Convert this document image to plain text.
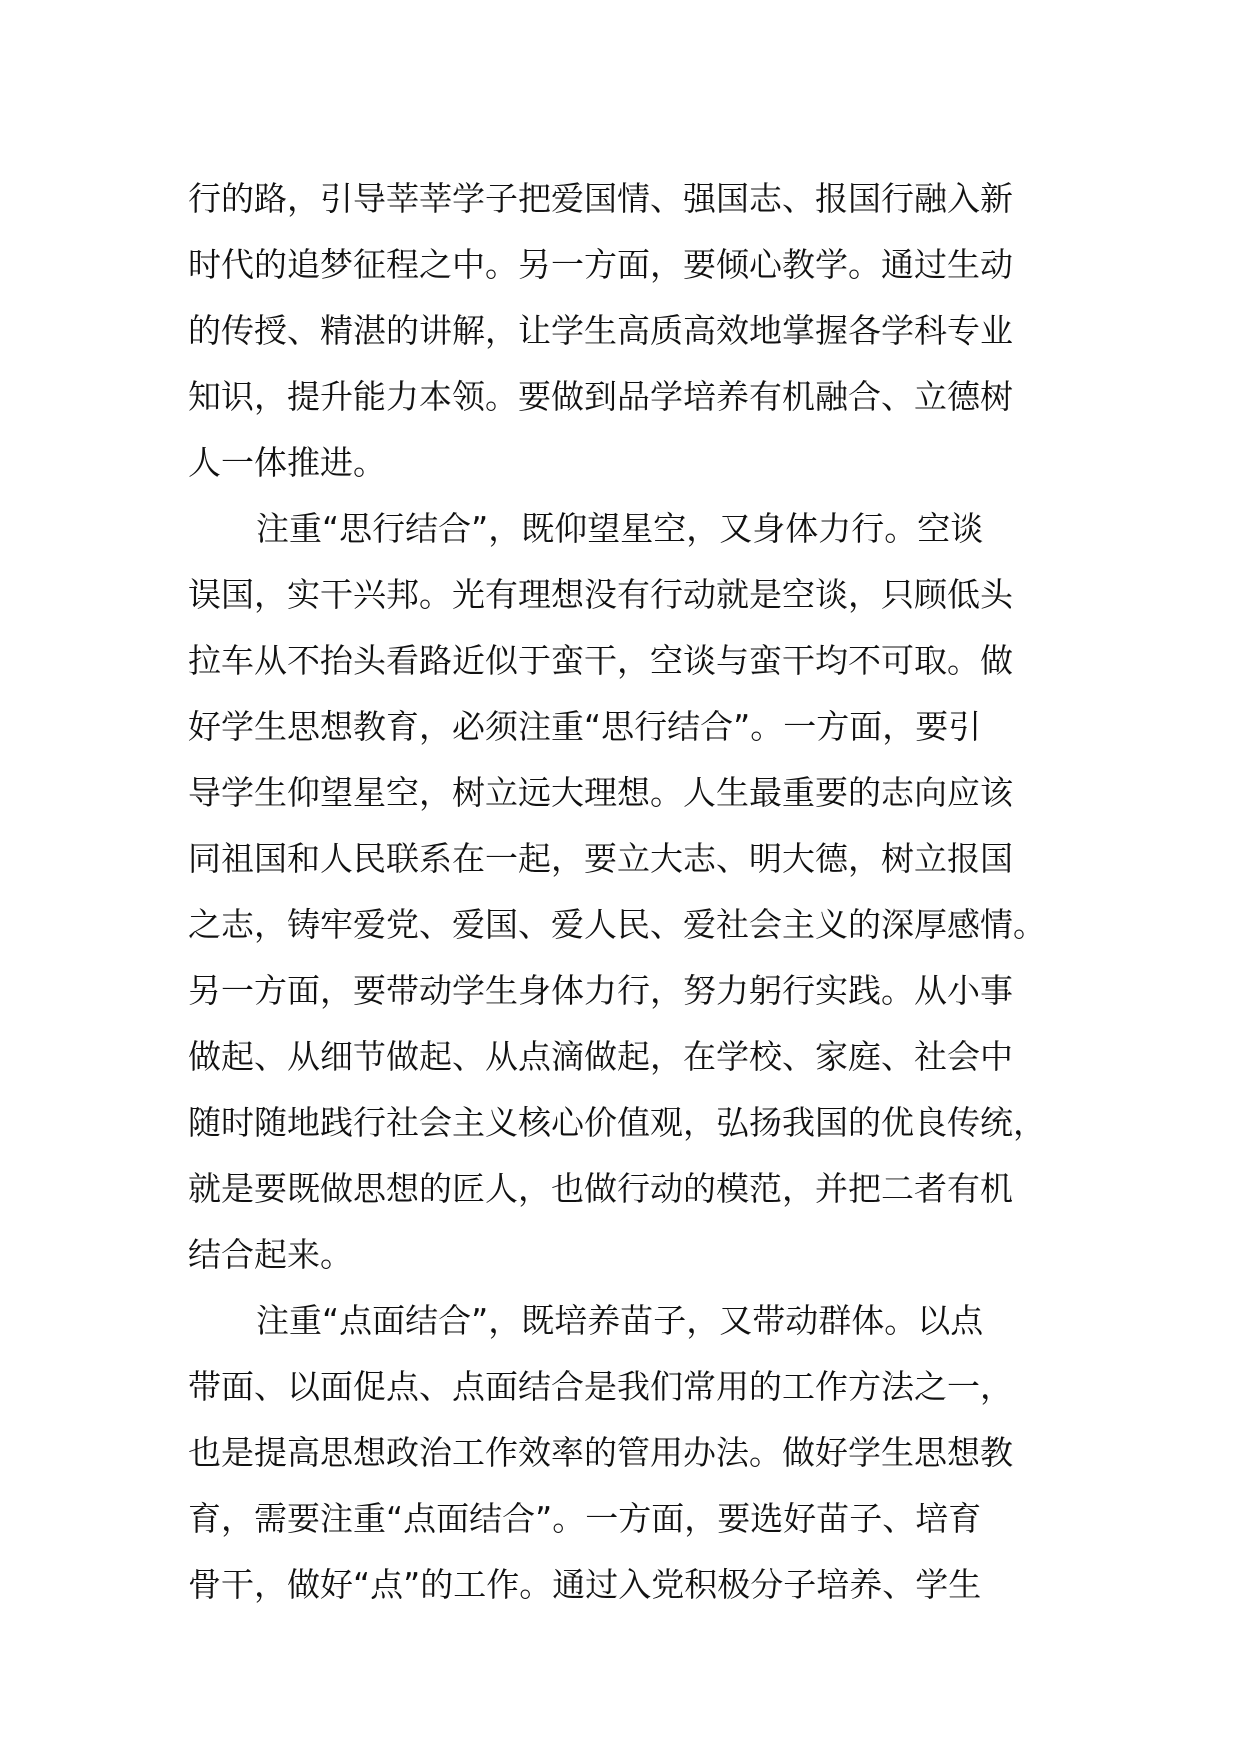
行的路，引导莘莘学子把爱国情、强国志、报国行融入新
时代的追梦征程之中。另一方面，要倾心教学。通过生动
的传授、精湛的讲解，让学生高质高效地掌握各学科专业
知识，提升能力本领。要做到品学培养有机融合、立德树
人一体推进。
注重“思行结合”，既仰望星空，又身体力行。空谈
误国，实干兴邦。光有理想没有行动就是空谈，只顾低头
拉车从不抬头看路近似于蛮干，空谈与蛮干均不可取。做
好学生思想教育，必须注重“思行结合”。一方面，要引
导学生仰望星空，树立远大理想。人生最重要的志向应该
同祖国和人民联系在一起，要立大志、明大德，树立报国
之志，铸牢爱党、爱国、爱人民、爱社会主义的深厚感情。
另一方面，要带动学生身体力行，努力躬行实践。从小事
做起、从细节做起、从点滴做起，在学校、家庭、社会中
随时随地践行社会主义核心价值观，弘扬我国的优良传统，
就是要既做思想的匠人，也做行动的模范，并把二者有机
结合起来。
注重“点面结合”，既培养苗子，又带动群体。以点
带面、以面促点、点面结合是我们常用的工作方法之一，
也是提高思想政治工作效率的管用办法。做好学生思想教
育，需要注重“点面结合”。一方面，要选好苗子、培育
骨干，做好“点”的工作。通过入党积极分子培养、学生
